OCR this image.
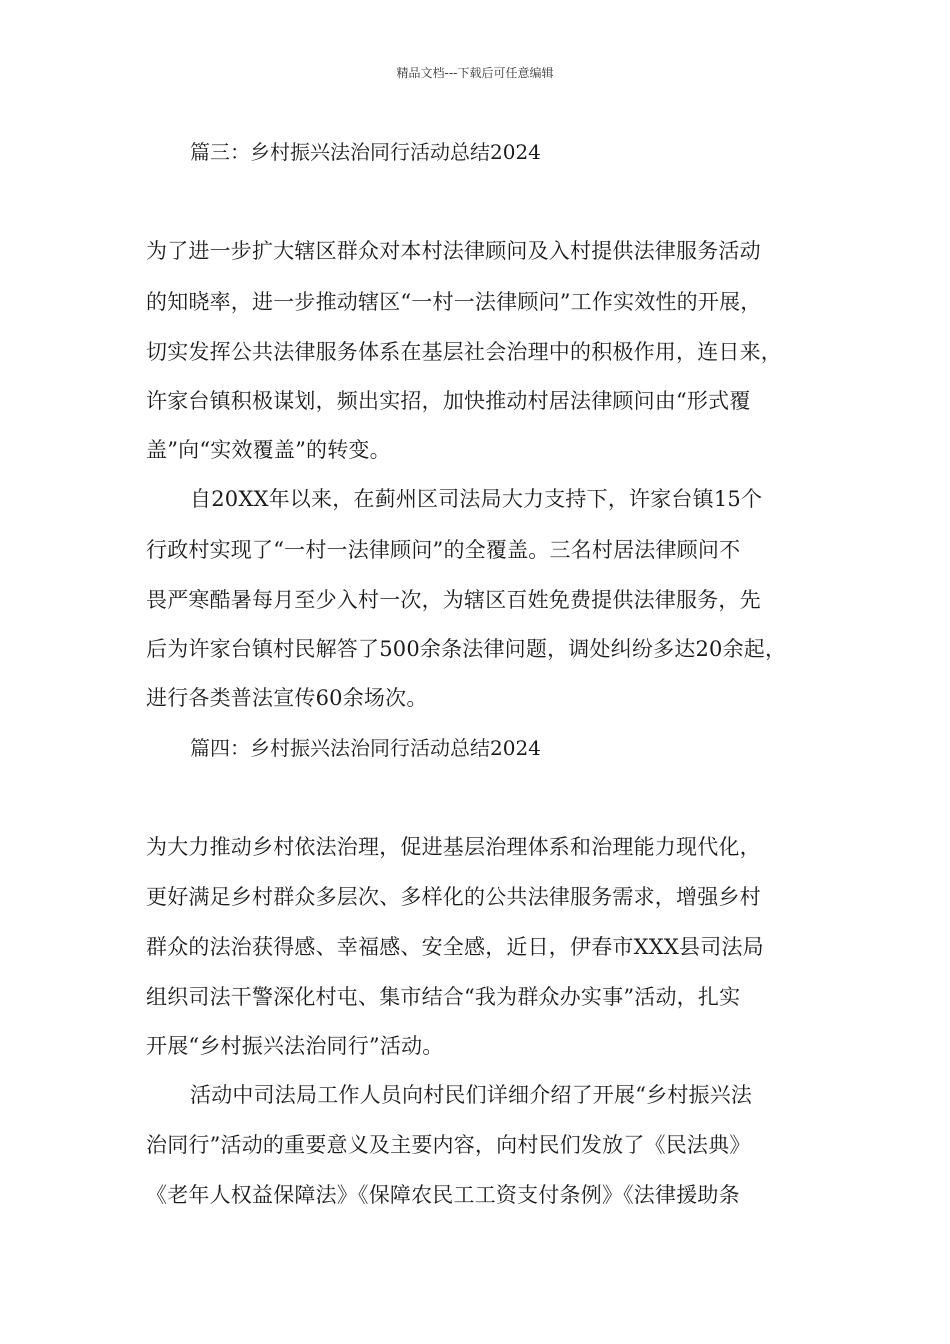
精品文档---下载后可任意编辑
篇三：乡村振兴法治同行活动总结2024
为了进一步扩大辖区群众对本村法律顾问及入村提供法律服务活动
的知晓率，进一步推动辖区“一村一法律顾问”工作实效性的开展，
切实发挥公共法律服务体系在基层社会治理中的积极作用，连日来，
许家台镇积极谋划，频出实招，加快推动村居法律顾问由“形式覆
盖”向“实效覆盖”的转变。
自20XX年以来，在蓟州区司法局大力支持下，许家台镇15个
行政村实现了“一村一法律顾问”的全覆盖。三名村居法律顾问不
畏严寒酷暑每月至少入村一次，为辖区百姓免费提供法律服务，先
后为许家台镇村民解答了500余条法律问题，调处纠纷多达20余起，
进行各类普法宣传60余场次。
篇四：乡村振兴法治同行活动总结2024
为大力推动乡村依法治理，促进基层治理体系和治理能力现代化，
更好满足乡村群众多层次、多样化的公共法律服务需求，增强乡村
群众的法治获得感、幸福感、安全感，近日，伊春市XXX县司法局
组织司法干警深化村屯、集市结合“我为群众办实事”活动，扎实
开展“乡村振兴法治同行”活动。
活动中司法局工作人员向村民们详细介绍了开展“乡村振兴法
治同行”活动的重要意义及主要内容，向村民们发放了《民法典》
《老年人权益保障法》《保障农民工工资支付条例》《法律援助条
